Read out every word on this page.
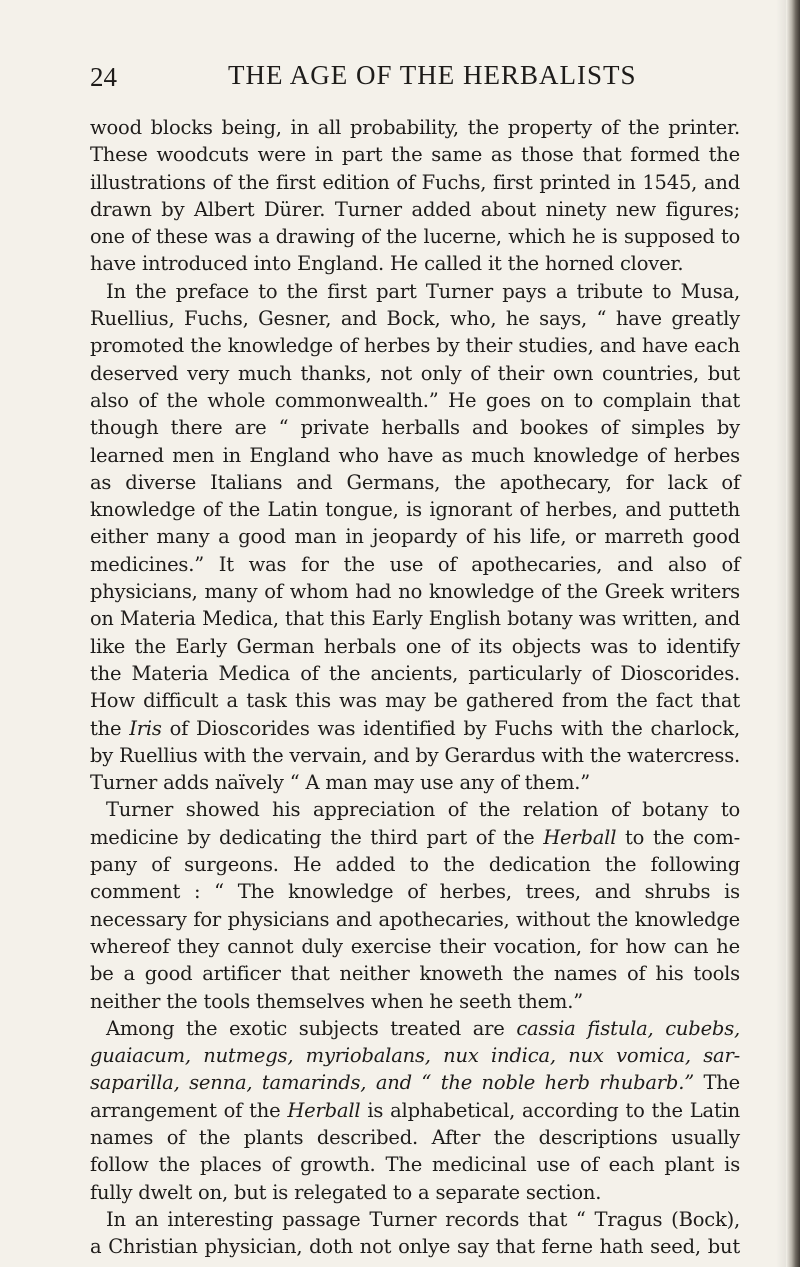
24	THE AGE OF THE HERBALISTS
wood blocks being, in all probability, the property of the printer.
These woodcuts were in part the same as those that formed the
illustrations of the first edition of Fuchs, first printed in 1545, and
drawn by Albert Dürer. Turner added about ninety new figures;
one of these was a drawing of the lucerne, which he is supposed to
have introduced into England. He called it the horned clover.
In the preface to the first part Turner pays a tribute to Musa,
Ruellius, Fuchs, Gesner, and Bock, who, he says, “ have greatly
promoted the knowledge of herbes by their studies, and have each
deserved very much thanks, not only of their own countries, but
also of the whole commonwealth.” He goes on to complain that
though there are “ private herballs and bookes of simples by
learned men in England who have as much knowledge of herbes
as diverse Italians and Germans, the apothecary, for lack of
knowledge of the Latin tongue, is ignorant of herbes, and putteth
either many a good man in jeopardy of his life, or marreth good
medicines.” It was for the use of apothecaries, and also of
physicians, many of whom had no knowledge of the Greek writers
on Materia Medica, that this Early English botany was written, and
like the Early German herbals one of its objects was to identify
the Materia Medica of the ancients, particularly of Dioscorides.
How difficult a task this was may be gathered from the fact that
the Iris of Dioscorides was identified by Fuchs with the charlock,
by Ruellius with the vervain, and by Gerardus with the watercress.
Turner adds naïvely “ A man may use any of them.”
Turner showed his appreciation of the relation of botany to
medicine by dedicating the third part of the Herball to the com-
pany of surgeons. He added to the dedication the following
comment : “ The knowledge of herbes, trees, and shrubs is
necessary for physicians and apothecaries, without the knowledge
whereof they cannot duly exercise their vocation, for how can he
be a good artificer that neither knoweth the names of his tools
neither the tools themselves when he seeth them.”
Among the exotic subjects treated are cassia fistula, cubebs,
guaiacum, nutmegs, myriobalans, nux indica, nux vomica, sar-
saparilla, senna, tamarinds, and “ the noble herb rhubarb.” The
arrangement of the Herball is alphabetical, according to the Latin
names of the plants described. After the descriptions usually
follow the places of growth. The medicinal use of each plant is
fully dwelt on, but is relegated to a separate section.
In an interesting passage Turner records that “ Tragus (Bock),
a Christian physician, doth not onlye say that ferne hath seed, but
